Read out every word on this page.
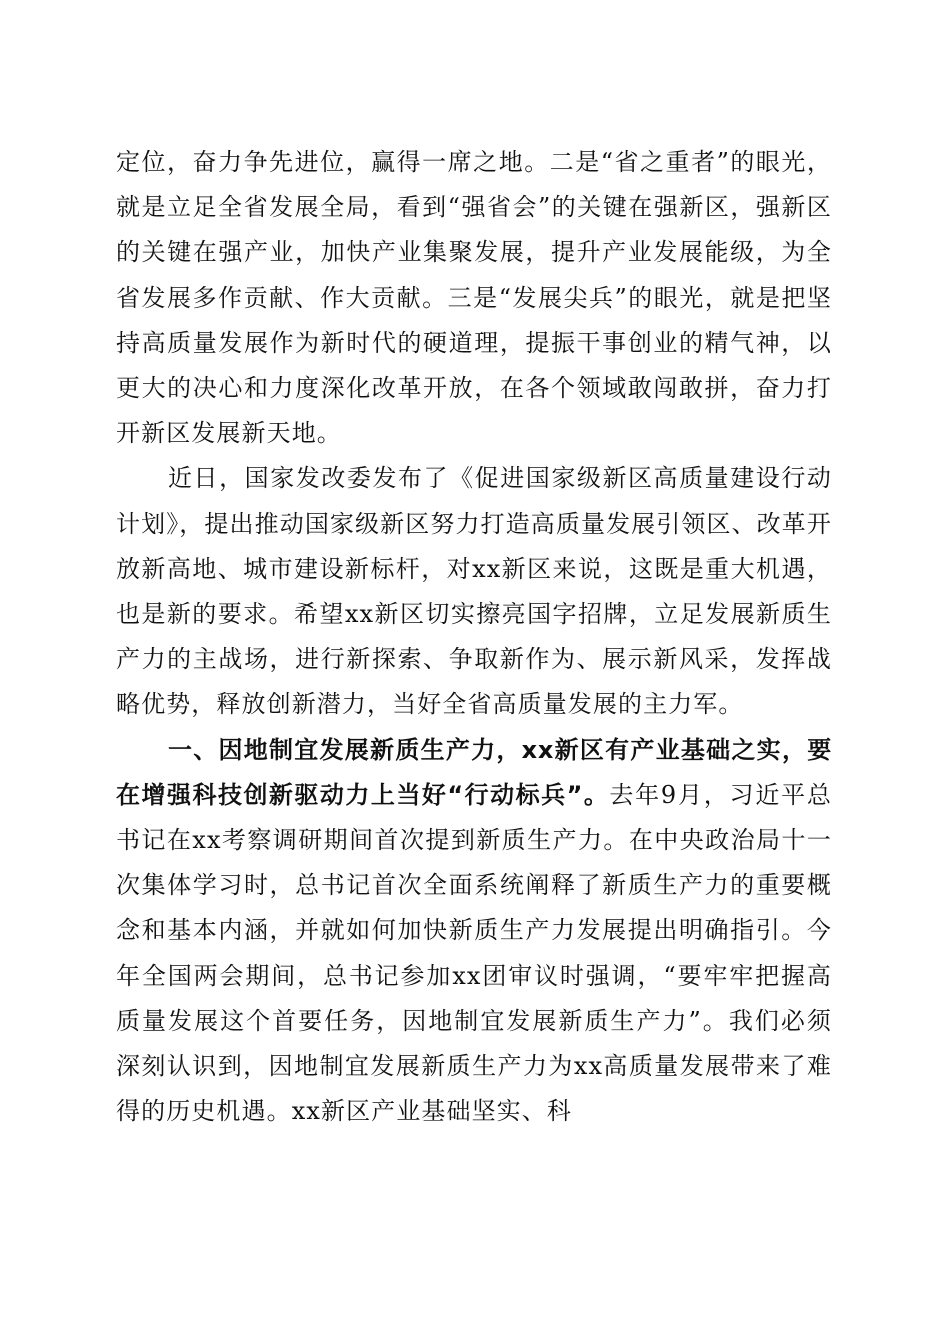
定位，奋力争先进位，赢得一席之地。二是“省之重者”的眼光，就是立足全省发展全局，看到“强省会”的关键在强新区，强新区的关键在强产业，加快产业集聚发展，提升产业发展能级，为全省发展多作贡献、作大贡献。三是“发展尖兵”的眼光，就是把坚持高质量发展作为新时代的硬道理，提振干事创业的精气神，以更大的决心和力度深化改革开放，在各个领域敢闯敢拼，奋力打开新区发展新天地。

近日，国家发改委发布了《促进国家级新区高质量建设行动计划》，提出推动国家级新区努力打造高质量发展引领区、改革开放新高地、城市建设新标杆，对xx新区来说，这既是重大机遇，也是新的要求。希望xx新区切实擦亮国字招牌，立足发展新质生产力的主战场，进行新探索、争取新作为、展示新风采，发挥战略优势，释放创新潜力，当好全省高质量发展的主力军。

一、因地制宜发展新质生产力，xx新区有产业基础之实，要在增强科技创新驱动力上当好“行动标兵”。去年9月，习近平总书记在xx考察调研期间首次提到新质生产力。在中央政治局十一次集体学习时，总书记首次全面系统阐释了新质生产力的重要概念和基本内涵，并就如何加快新质生产力发展提出明确指引。今年全国两会期间，总书记参加xx团审议时强调，“要牢牢把握高质量发展这个首要任务，因地制宜发展新质生产力”。我们必须深刻认识到，因地制宜发展新质生产力为xx高质量发展带来了难得的历史机遇。xx新区产业基础坚实、科
